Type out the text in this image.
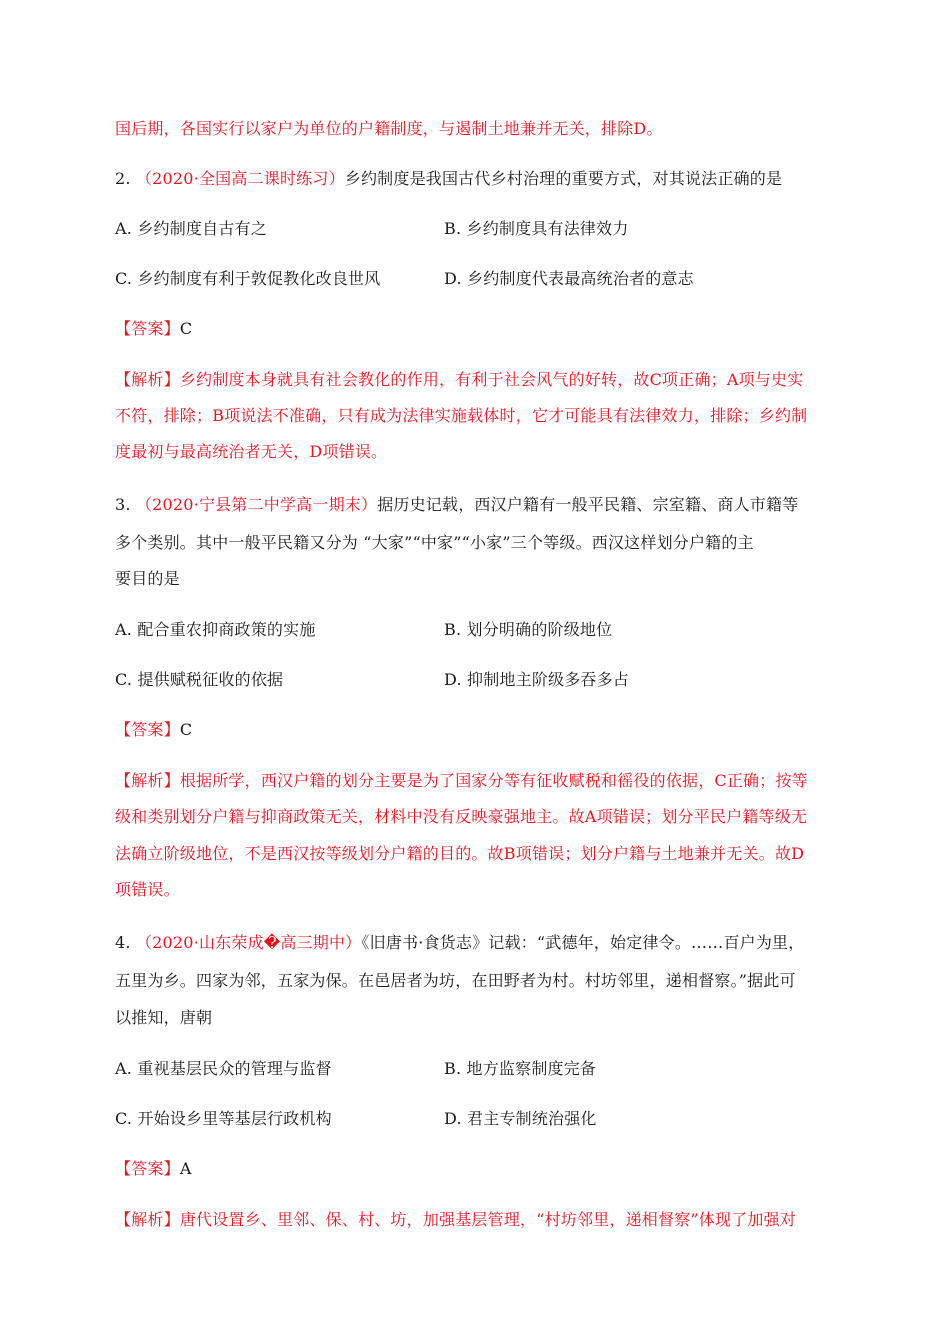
国后期，各国实行以家户为单位的户籍制度，与遏制土地兼并无关，排除D。
2. （2020·全国高二课时练习）乡约制度是我国古代乡村治理的重要方式，对其说法正确的是
A. 乡约制度自古有之	B. 乡约制度具有法律效力
C. 乡约制度有利于敦促教化改良世风	D. 乡约制度代表最高统治者的意志
【答案】C
【解析】乡约制度本身就具有社会教化的作用，有利于社会风气的好转，故C项正确；A项与史实
不符，排除；B项说法不准确，只有成为法律实施载体时，它才可能具有法律效力，排除；乡约制
度最初与最高统治者无关，D项错误。
3. （2020·宁县第二中学高一期末）据历史记载，西汉户籍有一般平民籍、宗室籍、商人市籍等
多个类别。其中一般平民籍又分为 “大家”“中家”“小家”三个等级。西汉这样划分户籍的主
要目的是
A. 配合重农抑商政策的实施	B. 划分明确的阶级地位
C. 提供赋税征收的依据	D. 抑制地主阶级多吞多占
【答案】C
【解析】根据所学，西汉户籍的划分主要是为了国家分等有征收赋税和徭役的依据，C正确；按等
级和类别划分户籍与抑商政策无关，材料中没有反映豪强地主。故A项错误；划分平民户籍等级无
法确立阶级地位，不是西汉按等级划分户籍的目的。故B项错误；划分户籍与土地兼并无关。故D
项错误。
4. （2020·山东荣成�高三期中）《旧唐书·食货志》记载：“武德年，始定律令。……百户为里，
五里为乡。四家为邻，五家为保。在邑居者为坊，在田野者为村。村坊邻里，递相督察。”据此可
以推知，唐朝
A. 重视基层民众的管理与监督	B. 地方监察制度完备
C. 开始设乡里等基层行政机构	D. 君主专制统治强化
【答案】A
【解析】唐代设置乡、里邻、保、村、坊，加强基层管理，“村坊邻里，递相督察”体现了加强对
